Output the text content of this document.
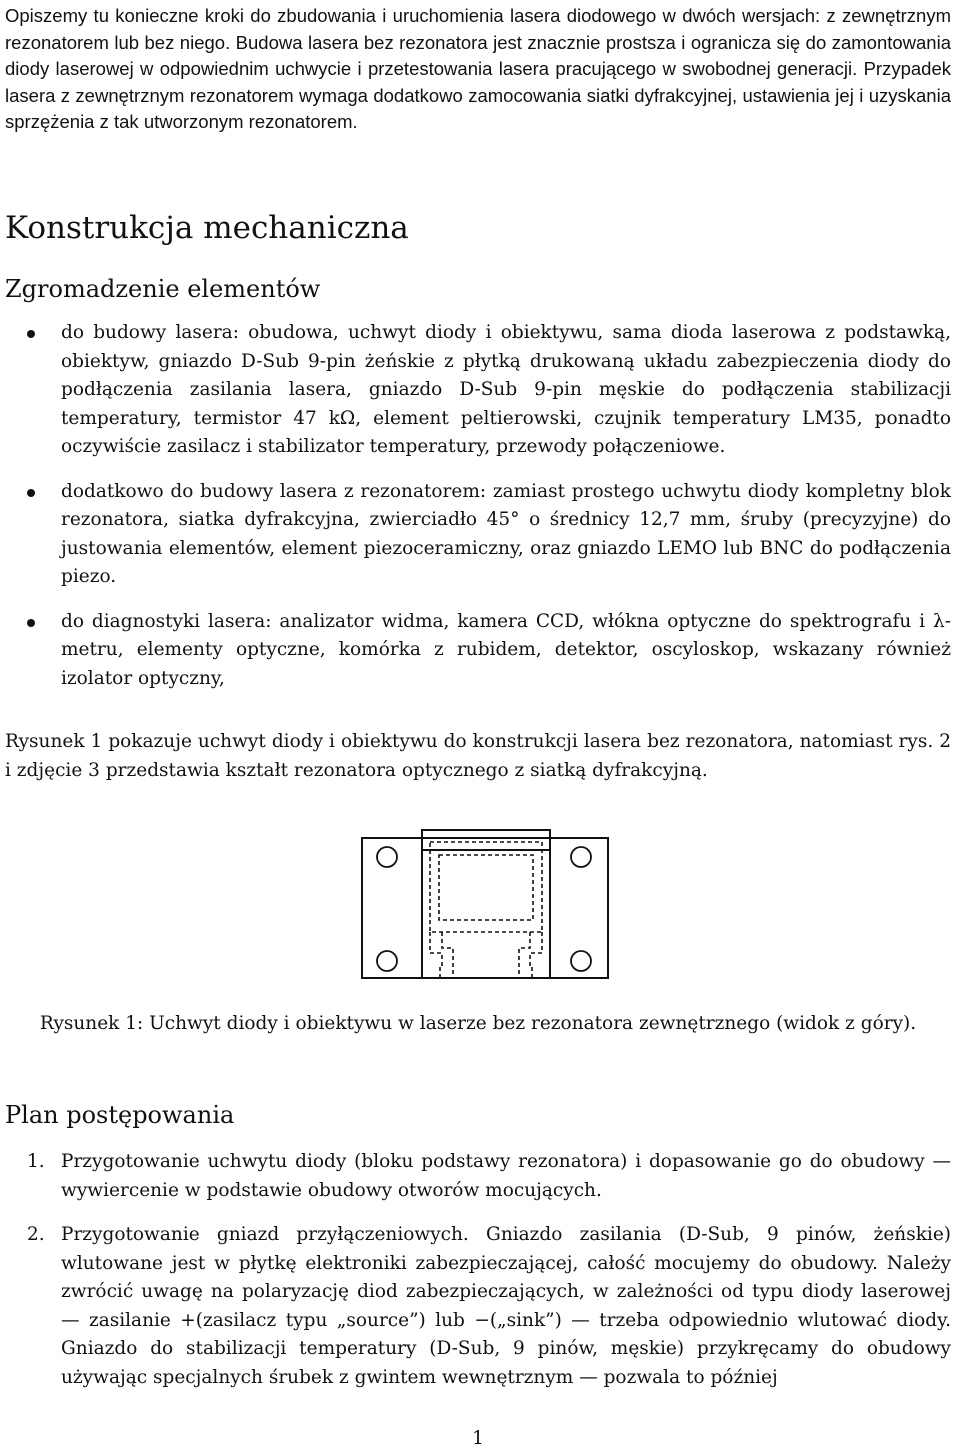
Opiszemy tu konieczne kroki do zbudowania i uruchomienia lasera diodowego w dwóch wersjach: z zewnętrznym rezonatorem lub bez niego. Budowa lasera bez rezonatora jest znacznie prostsza i ogranicza się do zamontowania diody laserowej w odpowiednim uchwycie i przetestowania lasera pracującego w swobodnej generacji. Przypadek lasera z zewnętrznym rezonatorem wymaga dodatkowo zamocowania siatki dyfrakcyjnej, ustawienia jej i uzyskania sprzężenia z tak utworzonym rezonatorem.

Konstrukcja mechaniczna
Zgromadzenie elementów
do budowy lasera: obudowa, uchwyt diody i obiektywu, sama dioda laserowa z podstawką, obiektyw, gniazdo D-Sub 9-pin żeńskie z płytką drukowaną układu zabezpieczenia diody do podłączenia zasilania lasera, gniazdo D-Sub 9-pin męskie do podłączenia stabilizacji temperatury, termistor 47 kΩ, element peltierowski, czujnik temperatury LM35, ponadto oczywiście zasilacz i stabilizator temperatury, przewody połączeniowe.
dodatkowo do budowy lasera z rezonatorem: zamiast prostego uchwytu diody kompletny blok rezonatora, siatka dyfrakcyjna, zwierciadło 45° o średnicy 12,7 mm, śruby (precyzyjne) do justowania elementów, element piezoceramiczny, oraz gniazdo LEMO lub BNC do podłączenia piezo.
do diagnostyki lasera: analizator widma, kamera CCD, włókna optyczne do spektrografu i λ-metru, elementy optyczne, komórka z rubidem, detektor, oscyloskop, wskazany również izolator optyczny,

Rysunek 1 pokazuje uchwyt diody i obiektywu do konstrukcji lasera bez rezonatora, natomiast rys. 2 i zdjęcie 3 przedstawia kształt rezonatora optycznego z siatką dyfrakcyjną.

Rysunek 1: Uchwyt diody i obiektywu w laserze bez rezonatora zewnętrznego (widok z góry).

Plan postępowania
1. Przygotowanie uchwytu diody (bloku podstawy rezonatora) i dopasowanie go do obudowy — wywiercenie w podstawie obudowy otworów mocujących.
2. Przygotowanie gniazd przyłączeniowych. Gniazdo zasilania (D-Sub, 9 pinów, żeńskie) wlutowane jest w płytkę elektroniki zabezpieczającej, całość mocujemy do obudowy. Należy zwrócić uwagę na polaryzację diod zabezpieczających, w zależności od typu diody laserowej — zasilanie +(zasilacz typu „source”) lub −(„sink”) — trzeba odpowiednio wlutować diody. Gniazdo do stabilizacji temperatury (D-Sub, 9 pinów, męskie) przykręcamy do obudowy używając specjalnych śrubek z gwintem wewnętrznym — pozwala to później
1
